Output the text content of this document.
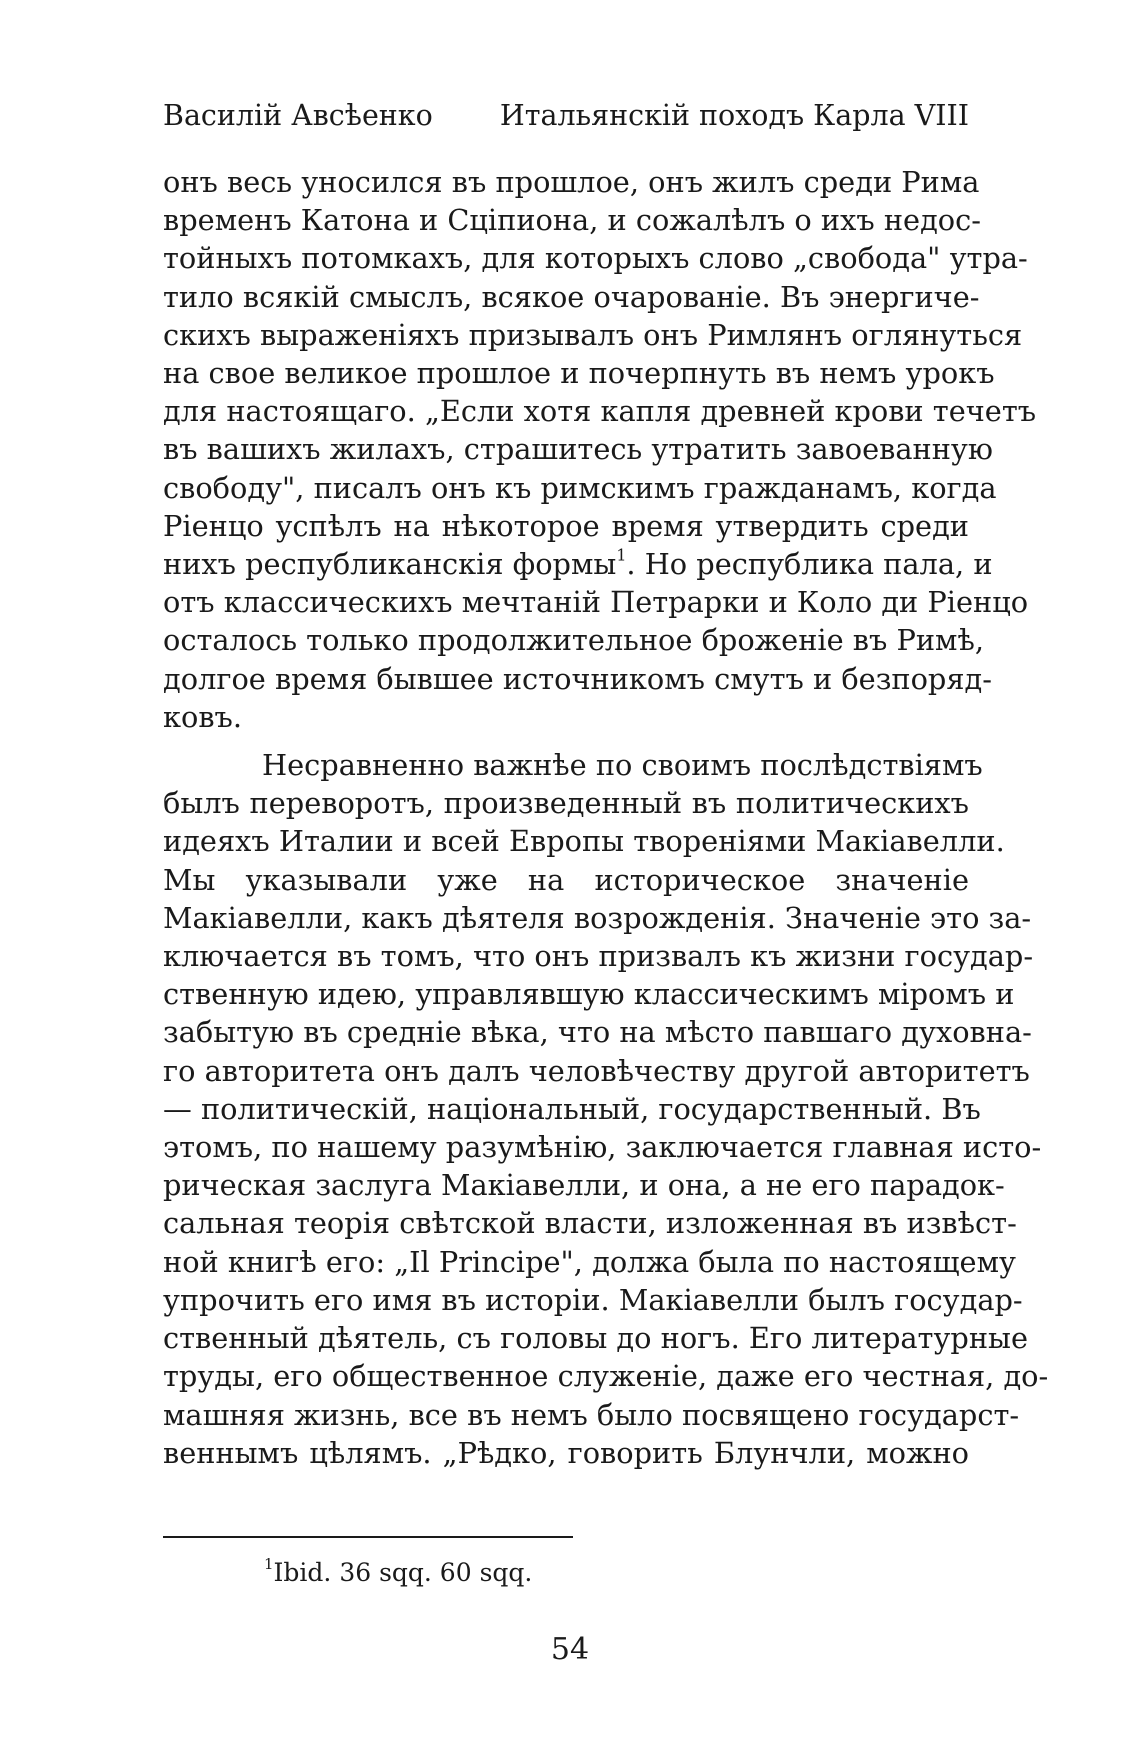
Василій Авсѣенко Итальянскій походъ Карла VIII

онъ весь уносился въ прошлое, онъ жилъ среди Рима
временъ Катона и Сціпиона, и сожалѣлъ о ихъ недос-
тойныхъ потомкахъ, для которыхъ слово „свобода" утра-
тило всякій смыслъ, всякое очарованіе. Въ энергиче-
скихъ выраженіяхъ призывалъ онъ Римлянъ оглянуться
на свое великое прошлое и почерпнуть въ немъ урокъ
для настоящаго. „Если хотя капля древней крови течетъ
въ вашихъ жилахъ, страшитесь утратить завоеванную
свободу", писалъ онъ къ римскимъ гражданамъ, когда
Ріенцо успѣлъ на нѣкоторое время утвердить среди
нихъ республиканскія формы$^1$. Но республика пала, и
отъ классическихъ мечтаній Петрарки и Коло ди Ріенцо
осталось только продолжительное броженіе въ Римѣ,
долгое время бывшее источникомъ смутъ и безпоряд-
ковъ.

Несравненно важнѣе по своимъ послѣдствіямъ
былъ переворотъ, произведенный въ политическихъ
идеяхъ Италии и всей Европы твореніями Макіавелли.
Мы указывали уже на историческое значеніе
Макіавелли, какъ дѣятеля возрожденія. Значеніе это за-
ключается въ томъ, что онъ призвалъ къ жизни государ-
ственную идею, управлявшую классическимъ міромъ и
забытую въ средніе вѣка, что на мѣсто павшаго духовна-
го авторитета онъ далъ человѣчеству другой авторитетъ
— политическій, національный, государственный. Въ
этомъ, по нашему разумѣнію, заключается главная исто-
рическая заслуга Макіавелли, и она, а не его парадок-
сальная теорія свѣтской власти, изложенная въ извѣст-
ной книгѣ его: „Il Principe", должа была по настоящему
упрочить его имя въ исторіи. Макіавелли былъ государ-
ственный дѣятель, съ головы до ногъ. Его литературные
труды, его общественное служеніе, даже его честная, до-
машняя жизнь, все въ немъ было посвящено государст-
веннымъ цѣлямъ. „Рѣдко, говорить Блунчли, можно

$^1$Ibid. 36 sqq. 60 sqq.
54
